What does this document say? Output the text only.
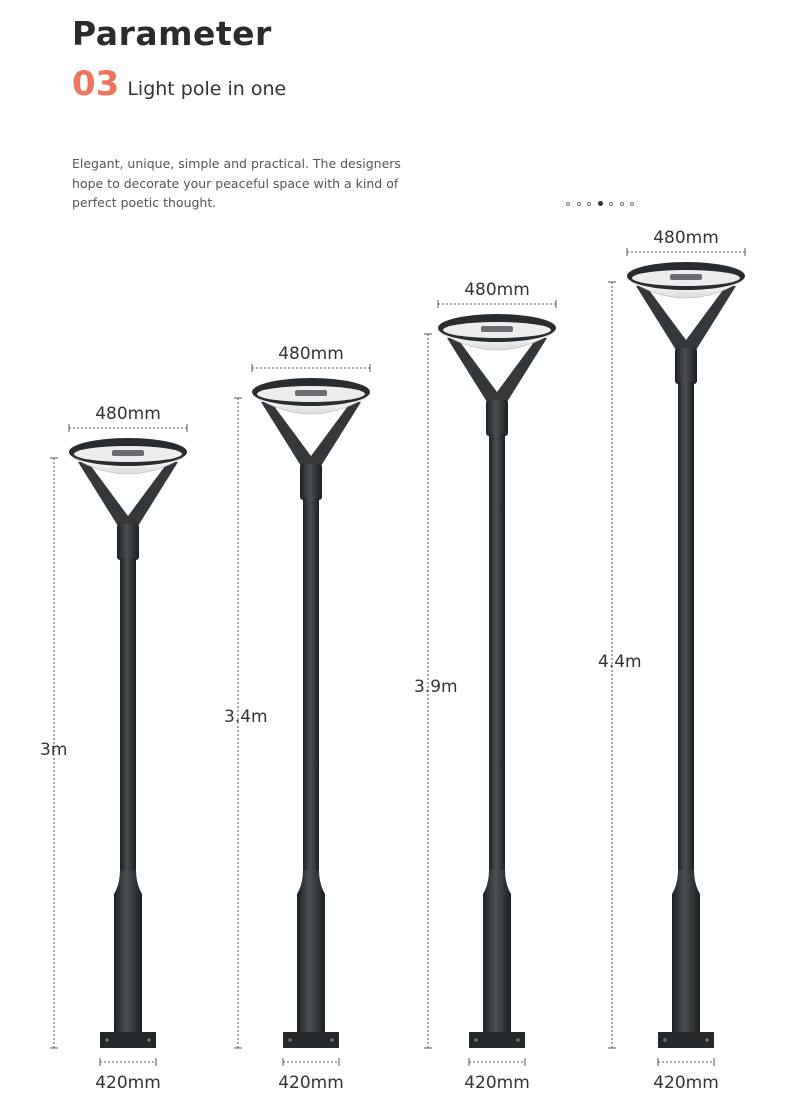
Parameter
03 Light pole in one

Elegant, unique, simple and practical. The designers hope to decorate your peaceful space with a kind of perfect poetic thought.

480mm
420mm
3m
480mm
420mm
3.4m
480mm
420mm
3.9m
480mm
420mm
4.4m
